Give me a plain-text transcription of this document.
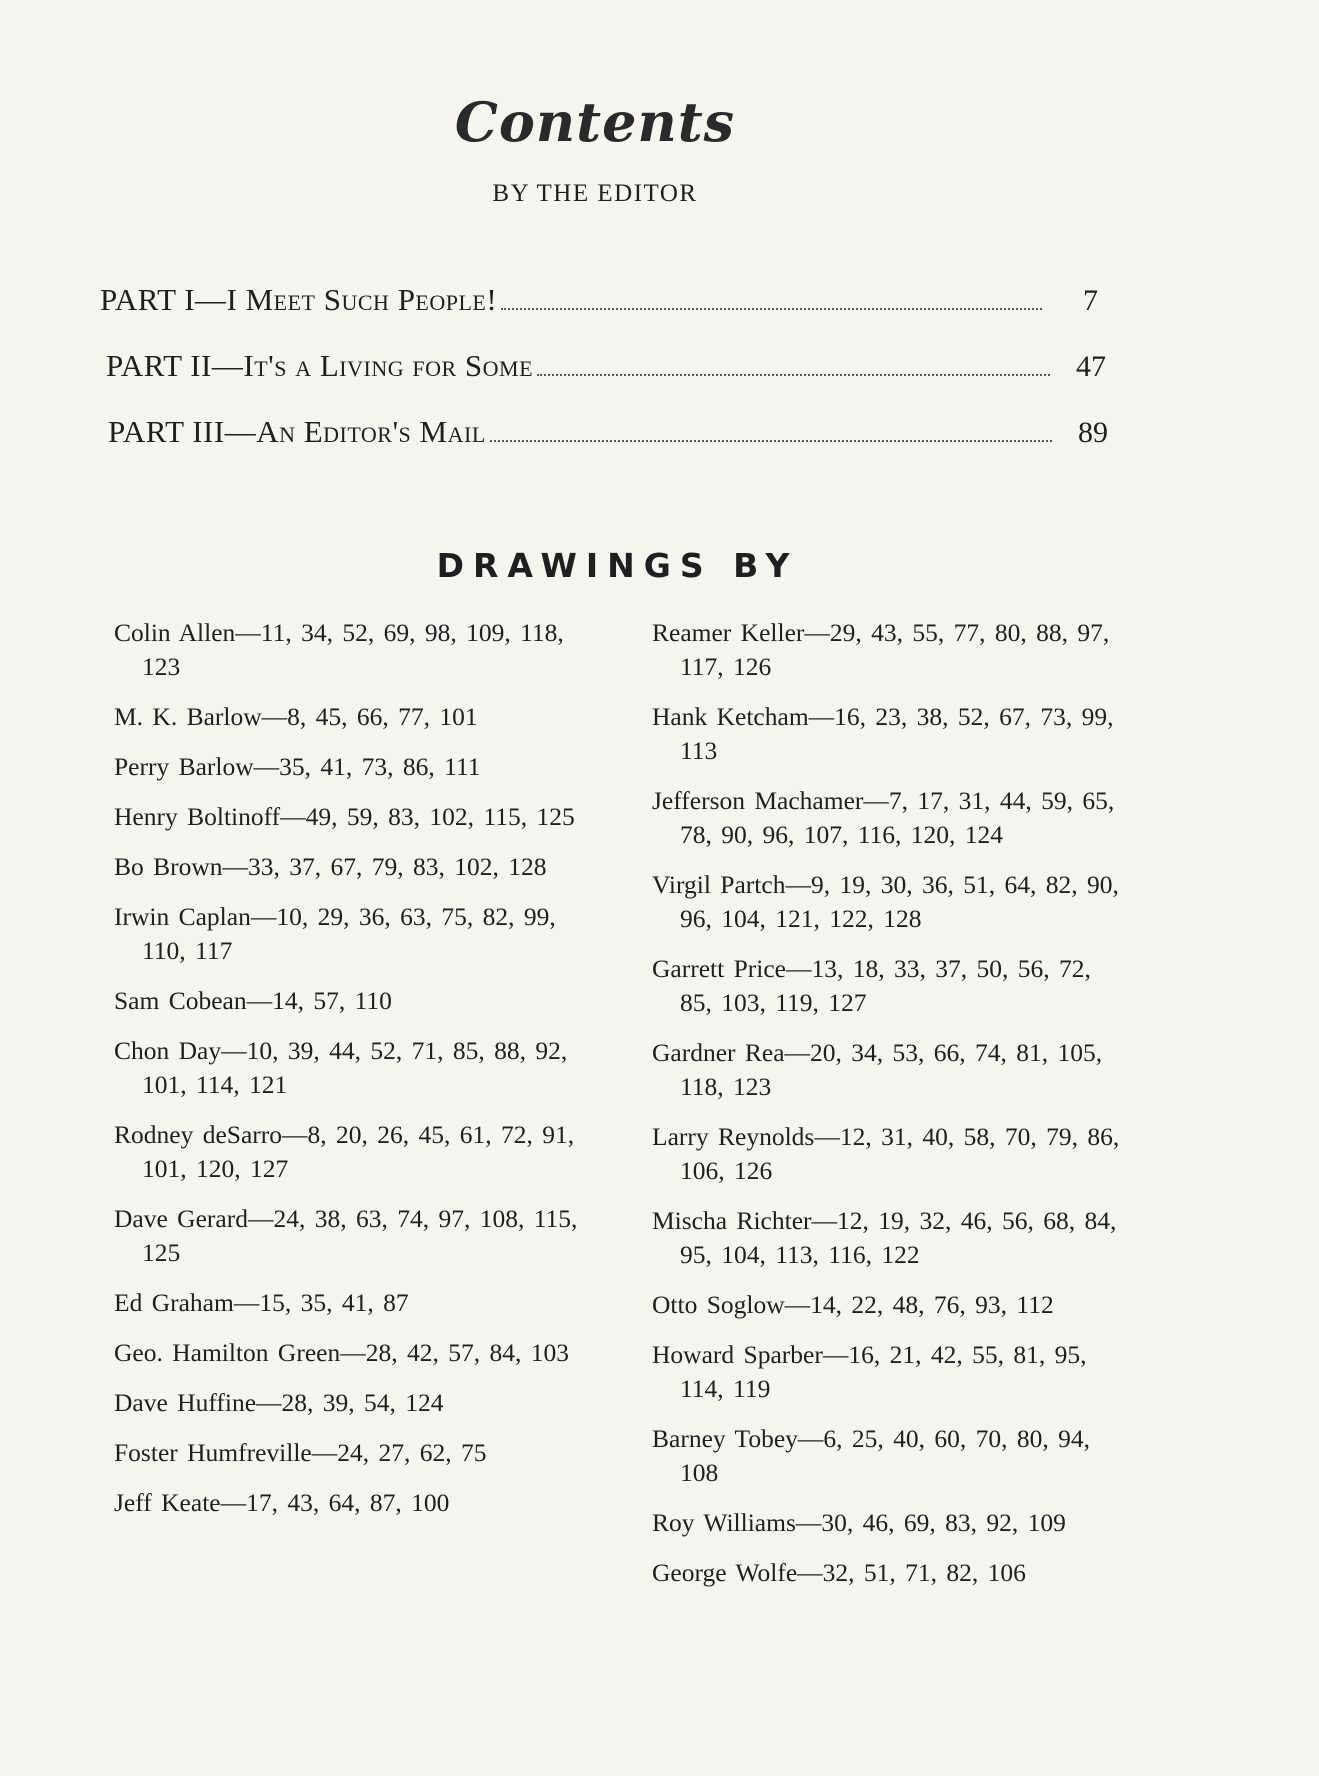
Contents
BY THE EDITOR
PART I—I Meet Such People!	7
PART II—It's a Living for Some	47
PART III—An Editor's Mail	89
DRAWINGS BY
Colin Allen—11, 34, 52, 69, 98, 109, 118, 123
M. K. Barlow—8, 45, 66, 77, 101
Perry Barlow—35, 41, 73, 86, 111
Henry Boltinoff—49, 59, 83, 102, 115, 125
Bo Brown—33, 37, 67, 79, 83, 102, 128
Irwin Caplan—10, 29, 36, 63, 75, 82, 99, 110, 117
Sam Cobean—14, 57, 110
Chon Day—10, 39, 44, 52, 71, 85, 88, 92, 101, 114, 121
Rodney deSarro—8, 20, 26, 45, 61, 72, 91, 101, 120, 127
Dave Gerard—24, 38, 63, 74, 97, 108, 115, 125
Ed Graham—15, 35, 41, 87
Geo. Hamilton Green—28, 42, 57, 84, 103
Dave Huffine—28, 39, 54, 124
Foster Humfreville—24, 27, 62, 75
Jeff Keate—17, 43, 64, 87, 100
Reamer Keller—29, 43, 55, 77, 80, 88, 97, 117, 126
Hank Ketcham—16, 23, 38, 52, 67, 73, 99, 113
Jefferson Machamer—7, 17, 31, 44, 59, 65, 78, 90, 96, 107, 116, 120, 124
Virgil Partch—9, 19, 30, 36, 51, 64, 82, 90, 96, 104, 121, 122, 128
Garrett Price—13, 18, 33, 37, 50, 56, 72, 85, 103, 119, 127
Gardner Rea—20, 34, 53, 66, 74, 81, 105, 118, 123
Larry Reynolds—12, 31, 40, 58, 70, 79, 86, 106, 126
Mischa Richter—12, 19, 32, 46, 56, 68, 84, 95, 104, 113, 116, 122
Otto Soglow—14, 22, 48, 76, 93, 112
Howard Sparber—16, 21, 42, 55, 81, 95, 114, 119
Barney Tobey—6, 25, 40, 60, 70, 80, 94, 108
Roy Williams—30, 46, 69, 83, 92, 109
George Wolfe—32, 51, 71, 82, 106
